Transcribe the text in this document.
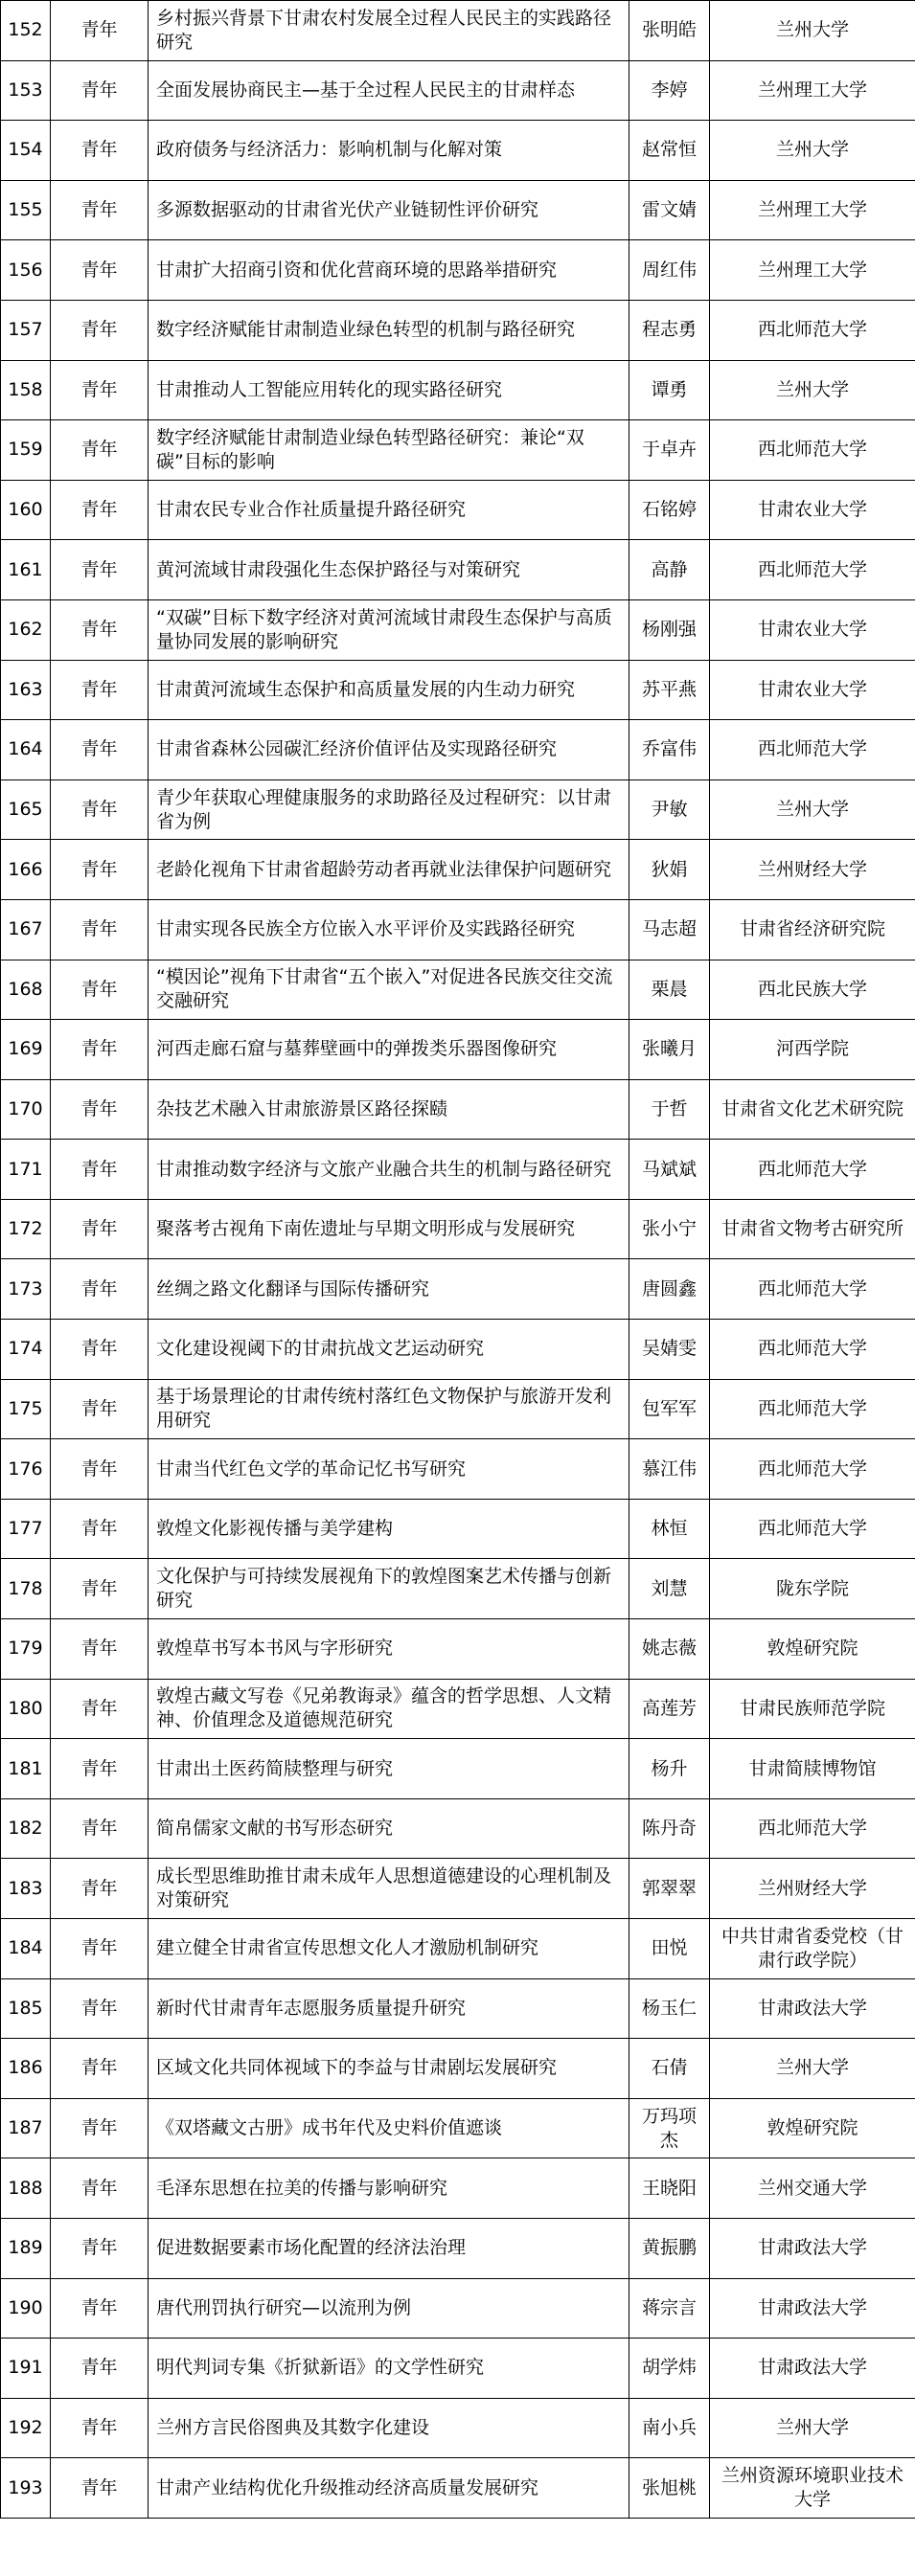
152	青年	乡村振兴背景下甘肃农村发展全过程人民民主的实践路径研究	张明皓	兰州大学
153	青年	全面发展协商民主—基于全过程人民民主的甘肃样态	李婷	兰州理工大学
154	青年	政府债务与经济活力：影响机制与化解对策	赵常恒	兰州大学
155	青年	多源数据驱动的甘肃省光伏产业链韧性评价研究	雷文婧	兰州理工大学
156	青年	甘肃扩大招商引资和优化营商环境的思路举措研究	周红伟	兰州理工大学
157	青年	数字经济赋能甘肃制造业绿色转型的机制与路径研究	程志勇	西北师范大学
158	青年	甘肃推动人工智能应用转化的现实路径研究	谭勇	兰州大学
159	青年	数字经济赋能甘肃制造业绿色转型路径研究：兼论“双碳”目标的影响	于卓卉	西北师范大学
160	青年	甘肃农民专业合作社质量提升路径研究	石铭婷	甘肃农业大学
161	青年	黄河流域甘肃段强化生态保护路径与对策研究	高静	西北师范大学
162	青年	“双碳”目标下数字经济对黄河流域甘肃段生态保护与高质量协同发展的影响研究	杨刚强	甘肃农业大学
163	青年	甘肃黄河流域生态保护和高质量发展的内生动力研究	苏平燕	甘肃农业大学
164	青年	甘肃省森林公园碳汇经济价值评估及实现路径研究	乔富伟	西北师范大学
165	青年	青少年获取心理健康服务的求助路径及过程研究：以甘肃省为例	尹敏	兰州大学
166	青年	老龄化视角下甘肃省超龄劳动者再就业法律保护问题研究	狄娟	兰州财经大学
167	青年	甘肃实现各民族全方位嵌入水平评价及实践路径研究	马志超	甘肃省经济研究院
168	青年	“模因论”视角下甘肃省“五个嵌入”对促进各民族交往交流交融研究	栗晨	西北民族大学
169	青年	河西走廊石窟与墓葬壁画中的弹拨类乐器图像研究	张曦月	河西学院
170	青年	杂技艺术融入甘肃旅游景区路径探赜	于哲	甘肃省文化艺术研究院
171	青年	甘肃推动数字经济与文旅产业融合共生的机制与路径研究	马斌斌	西北师范大学
172	青年	聚落考古视角下南佐遗址与早期文明形成与发展研究	张小宁	甘肃省文物考古研究所
173	青年	丝绸之路文化翻译与国际传播研究	唐圆鑫	西北师范大学
174	青年	文化建设视阈下的甘肃抗战文艺运动研究	吴婧雯	西北师范大学
175	青年	基于场景理论的甘肃传统村落红色文物保护与旅游开发利用研究	包军军	西北师范大学
176	青年	甘肃当代红色文学的革命记忆书写研究	慕江伟	西北师范大学
177	青年	敦煌文化影视传播与美学建构	林恒	西北师范大学
178	青年	文化保护与可持续发展视角下的敦煌图案艺术传播与创新研究	刘慧	陇东学院
179	青年	敦煌草书写本书风与字形研究	姚志薇	敦煌研究院
180	青年	敦煌古藏文写卷《兄弟教诲录》蕴含的哲学思想、人文精神、价值理念及道德规范研究	高莲芳	甘肃民族师范学院
181	青年	甘肃出土医药简牍整理与研究	杨升	甘肃简牍博物馆
182	青年	简帛儒家文献的书写形态研究	陈丹奇	西北师范大学
183	青年	成长型思维助推甘肃未成年人思想道德建设的心理机制及对策研究	郭翠翠	兰州财经大学
184	青年	建立健全甘肃省宣传思想文化人才激励机制研究	田悦	中共甘肃省委党校（甘肃行政学院）
185	青年	新时代甘肃青年志愿服务质量提升研究	杨玉仁	甘肃政法大学
186	青年	区域文化共同体视域下的李益与甘肃剧坛发展研究	石倩	兰州大学
187	青年	《双塔藏文古册》成书年代及史料价值遮谈	万玛项杰	敦煌研究院
188	青年	毛泽东思想在拉美的传播与影响研究	王晓阳	兰州交通大学
189	青年	促进数据要素市场化配置的经济法治理	黄振鹏	甘肃政法大学
190	青年	唐代刑罚执行研究—以流刑为例	蒋宗言	甘肃政法大学
191	青年	明代判词专集《折狱新语》的文学性研究	胡学炜	甘肃政法大学
192	青年	兰州方言民俗图典及其数字化建设	南小兵	兰州大学
193	青年	甘肃产业结构优化升级推动经济高质量发展研究	张旭桃	兰州资源环境职业技术大学
